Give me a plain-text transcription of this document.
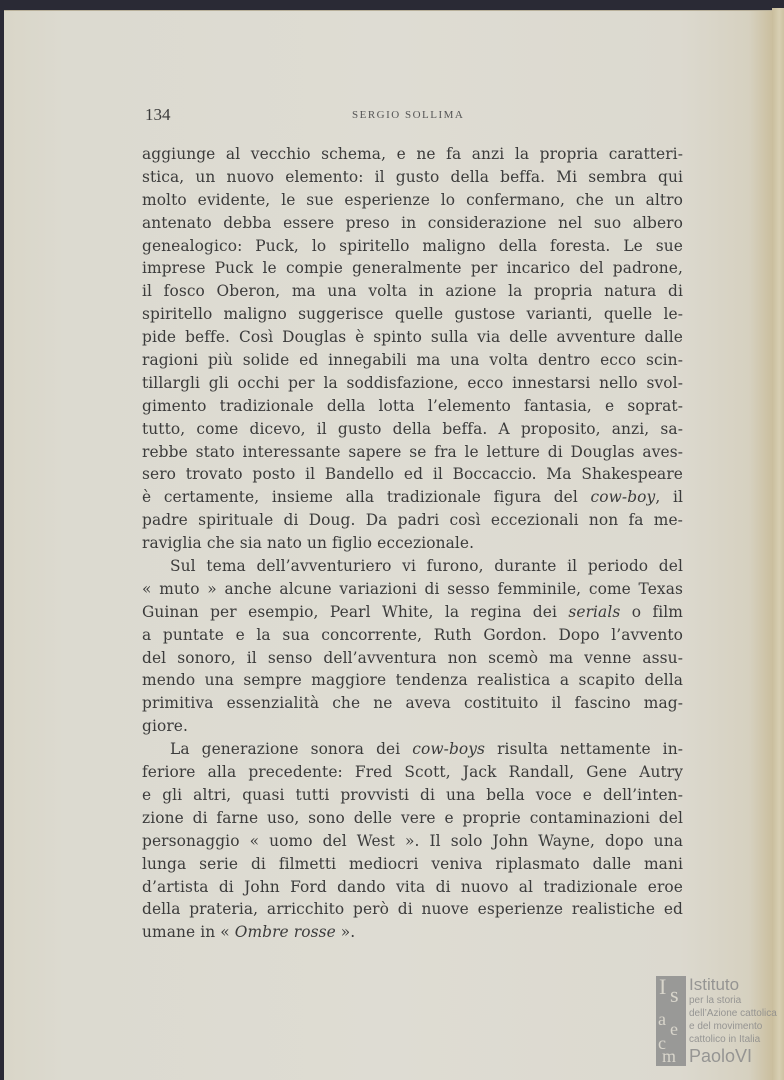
134	SERGIO SOLLIMA
aggiunge al vecchio schema, e ne fa anzi la propria caratteri-
stica, un nuovo elemento: il gusto della beffa. Mi sembra qui
molto evidente, le sue esperienze lo confermano, che un altro
antenato debba essere preso in considerazione nel suo albero
genealogico: Puck, lo spiritello maligno della foresta. Le sue
imprese Puck le compie generalmente per incarico del padrone,
il fosco Oberon, ma una volta in azione la propria natura di
spiritello maligno suggerisce quelle gustose varianti, quelle le-
pide beffe. Così Douglas è spinto sulla via delle avventure dalle
ragioni più solide ed innegabili ma una volta dentro ecco scin-
tillargli gli occhi per la soddisfazione, ecco innestarsi nello svol-
gimento tradizionale della lotta l’elemento fantasia, e soprat-
tutto, come dicevo, il gusto della beffa. A proposito, anzi, sa-
rebbe stato interessante sapere se fra le letture di Douglas aves-
sero trovato posto il Bandello ed il Boccaccio. Ma Shakespeare
è certamente, insieme alla tradizionale figura del cow-boy, il
padre spirituale di Doug. Da padri così eccezionali non fa me-
raviglia che sia nato un figlio eccezionale.
Sul tema dell’avventuriero vi furono, durante il periodo del
« muto » anche alcune variazioni di sesso femminile, come Texas
Guinan per esempio, Pearl White, la regina dei serials o film
a puntate e la sua concorrente, Ruth Gordon. Dopo l’avvento
del sonoro, il senso dell’avventura non scemò ma venne assu-
mendo una sempre maggiore tendenza realistica a scapito della
primitiva essenzialità che ne aveva costituito il fascino mag-
giore.
La generazione sonora dei cow-boys risulta nettamente in-
feriore alla precedente: Fred Scott, Jack Randall, Gene Autry
e gli altri, quasi tutti provvisti di una bella voce e dell’inten-
zione di farne uso, sono delle vere e proprie contaminazioni del
personaggio « uomo del West ». Il solo John Wayne, dopo una
lunga serie di filmetti mediocri veniva riplasmato dalle mani
d’artista di John Ford dando vita di nuovo al tradizionale eroe
della prateria, arricchito però di nuove esperienze realistiche ed
umane in « Ombre rosse ».
I s
a e
c
m
Istituto
per la storia
dell’Azione cattolica
e del movimento
cattolico in Italia
PaoloVI
